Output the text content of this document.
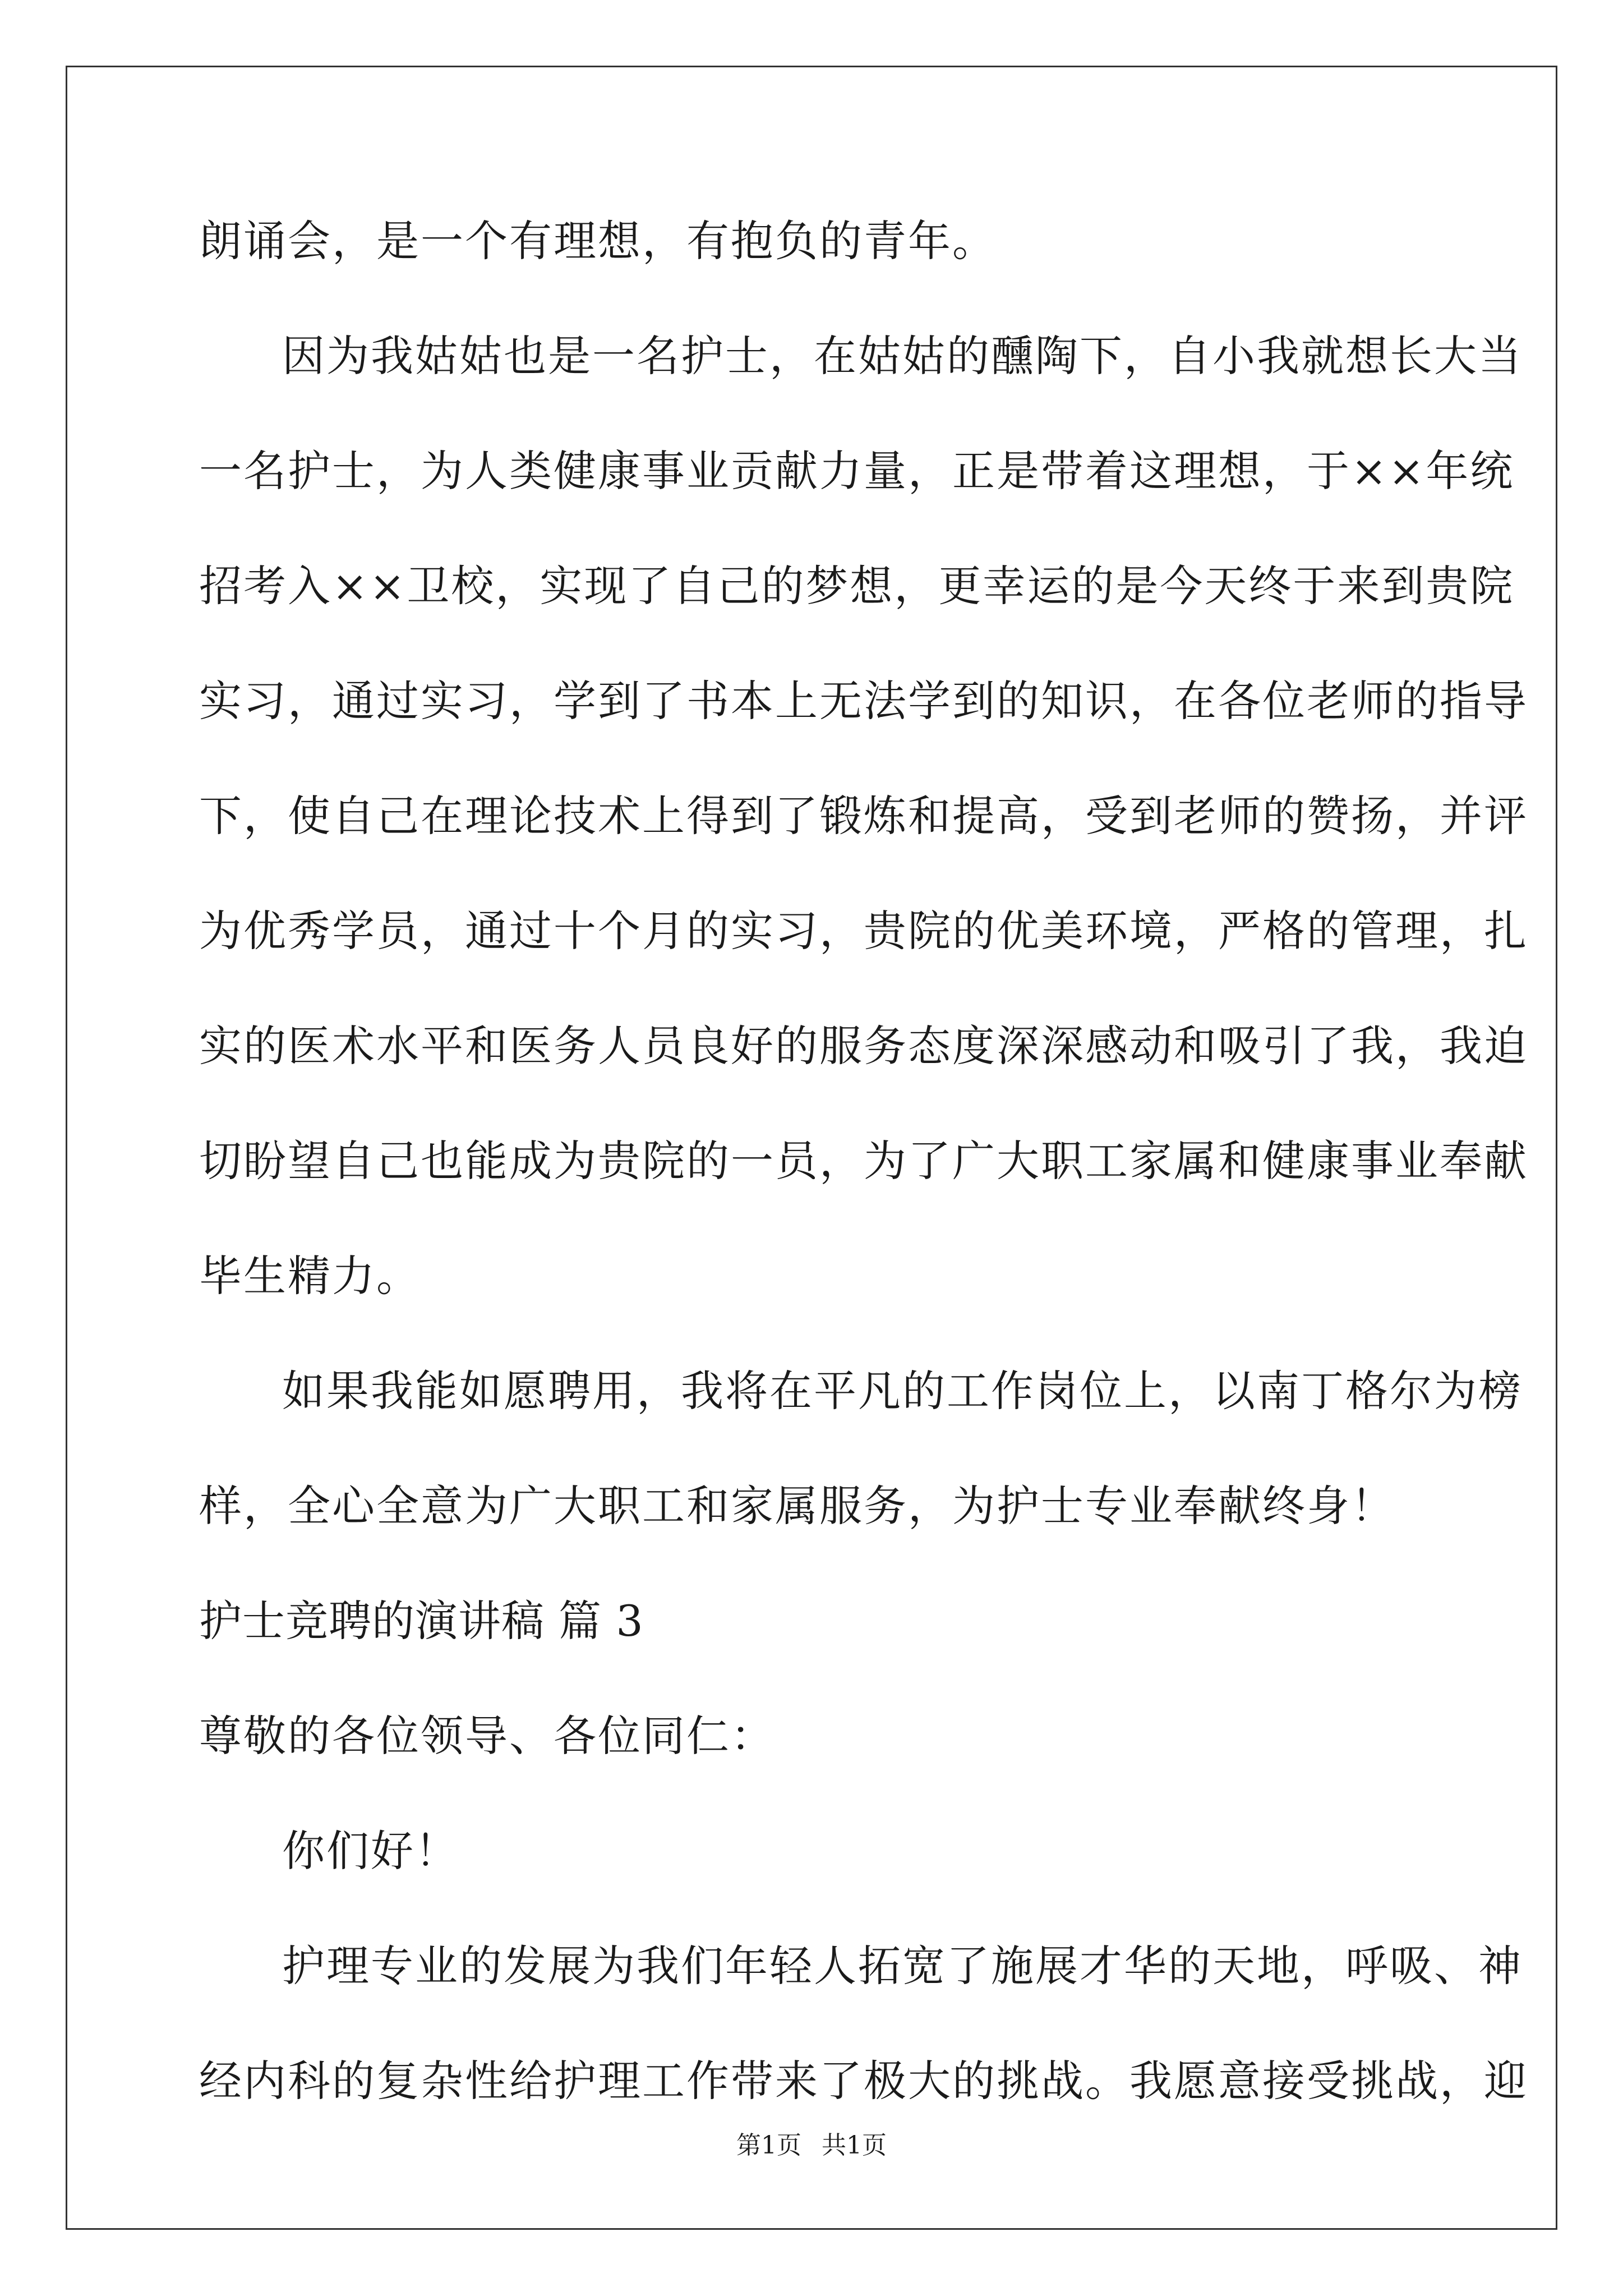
朗诵会，是一个有理想，有抱负的青年。
因为我姑姑也是一名护士，在姑姑的醺陶下，自小我就想长大当
一名护士，为人类健康事业贡献力量，正是带着这理想，于××年统
招考入××卫校，实现了自己的梦想，更幸运的是今天终于来到贵院
实习，通过实习，学到了书本上无法学到的知识，在各位老师的指导
下，使自己在理论技术上得到了锻炼和提高，受到老师的赞扬，并评
为优秀学员，通过十个月的实习，贵院的优美环境，严格的管理，扎
实的医术水平和医务人员良好的服务态度深深感动和吸引了我，我迫
切盼望自己也能成为贵院的一员，为了广大职工家属和健康事业奉献
毕生精力。
如果我能如愿聘用，我将在平凡的工作岗位上，以南丁格尔为榜
样，全心全意为广大职工和家属服务，为护士专业奉献终身！
护士竞聘的演讲稿 篇 3
尊敬的各位领导、各位同仁：
你们好！
护理专业的发展为我们年轻人拓宽了施展才华的天地，呼吸、神
经内科的复杂性给护理工作带来了极大的挑战。我愿意接受挑战，迎
第1页 共1页
